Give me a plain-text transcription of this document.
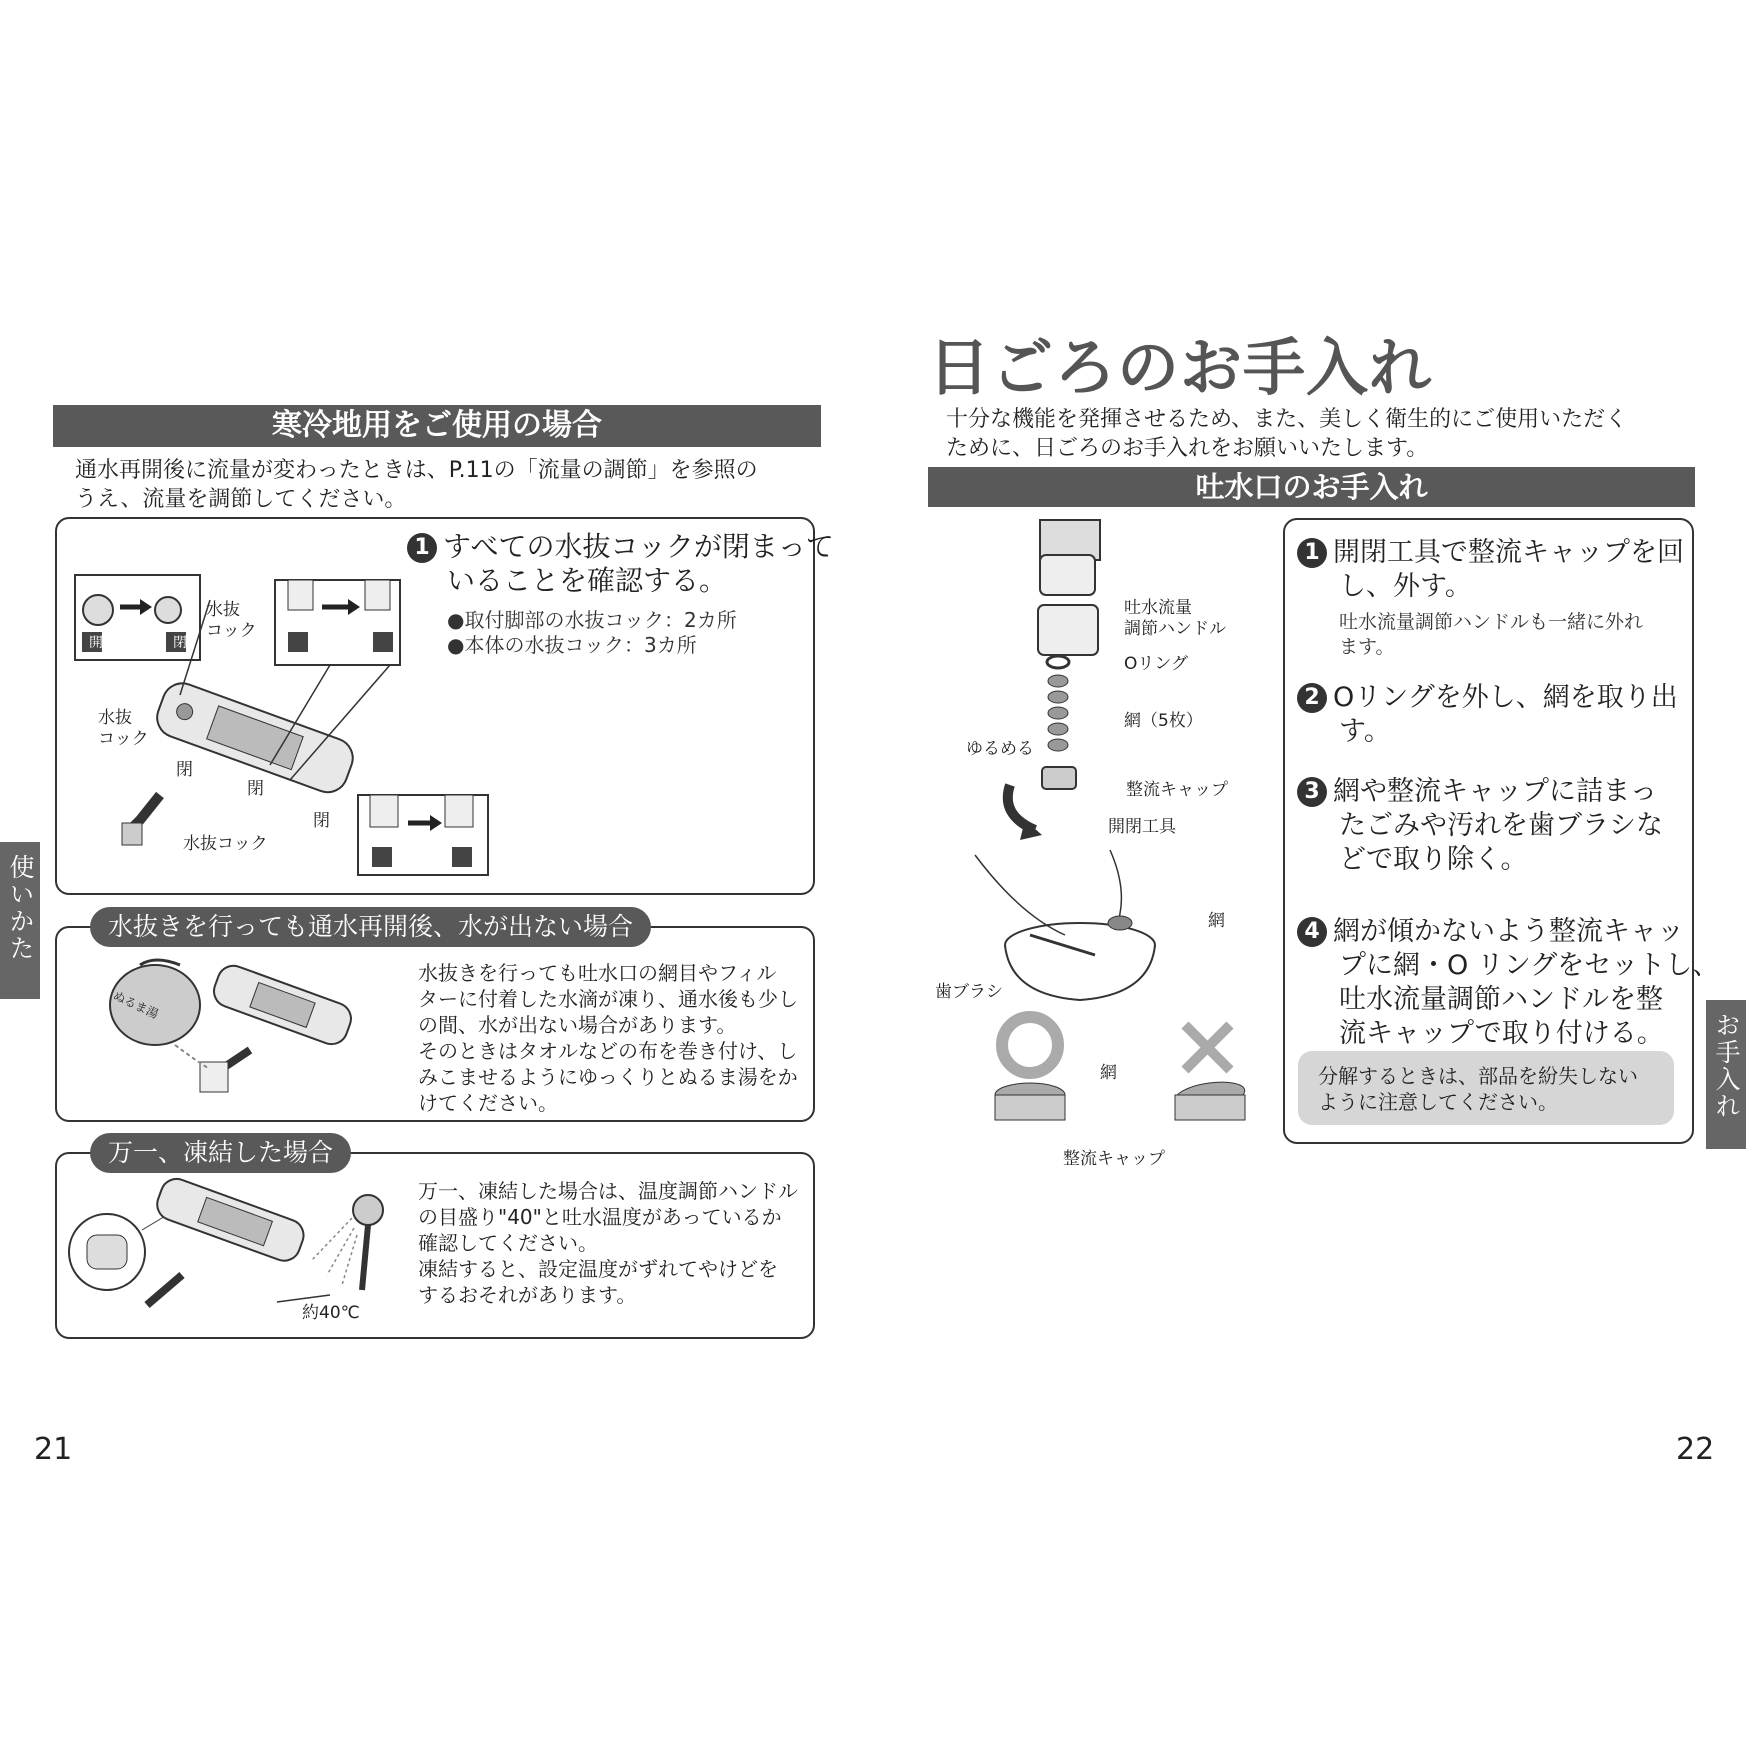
寒冷地用をご使用の場合
通水再開後に流量が変わったときは、P.11の「流量の調節」を参照の
うえ、流量を調節してください。
1 すべての水抜コックが閉まって
いることを確認する。
●取付脚部の水抜コック：2カ所
●本体の水抜コック：3カ所
水抜
コック
水抜
コック
水抜コック
開	閉
閉
閉
閉
水抜きを行っても通水再開後、水が出ない場合
水抜きを行っても吐水口の網目やフィル
ターに付着した水滴が凍り、通水後も少し
の間、水が出ない場合があります。
そのときはタオルなどの布を巻き付け、し
みこませるようにゆっくりとぬるま湯をか
けてください。
ぬるま湯
万一、凍結した場合
万一、凍結した場合は、温度調節ハンドル
の目盛り"40"と吐水温度があっているか
確認してください。
凍結すると、設定温度がずれてやけどを
するおそれがあります。
約40℃
使いかた
21
日ごろのお手入れ
十分な機能を発揮させるため、また、美しく衛生的にご使用いただく
ために、日ごろのお手入れをお願いいたします。
吐水口のお手入れ
吐水流量
調節ハンドル
Oリング
網（5枚）
ゆるめる
整流キャップ
開閉工具
網
歯ブラシ
網
整流キャップ
1 開閉工具で整流キャップを回
し、外す。
吐水流量調節ハンドルも一緒に外れ
ます。
2 Oリングを外し、網を取り出
す。
3 網や整流キャップに詰まっ
たごみや汚れを歯ブラシな
どで取り除く。
4 網が傾かないよう整流キャッ
プに網・O リングをセットし、
吐水流量調節ハンドルを整
流キャップで取り付ける。
分解するときは、部品を紛失しない
ように注意してください。	お手入れ
22
